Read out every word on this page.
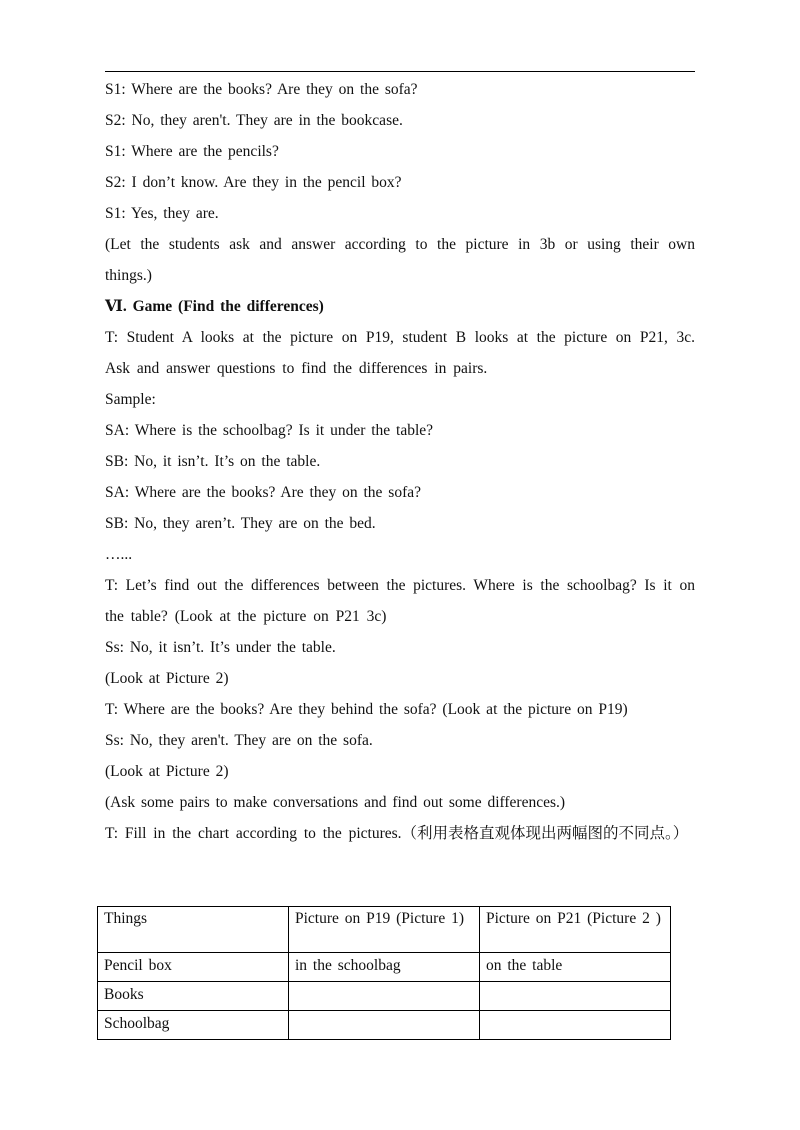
S1: Where are the books? Are they on the sofa?

S2: No, they aren't. They are in the bookcase.

S1: Where are the pencils?

S2: I don’t know. Are they in the pencil box?

S1: Yes, they are.

(Let the students ask and answer according to the picture in 3b or using their own things.)

Ⅵ. Game (Find the differences)

T: Student A looks at the picture on P19, student B looks at the picture on P21, 3c. Ask and answer questions to find the differences in pairs.

Sample:

SA: Where is the schoolbag? Is it under the table?

SB: No, it isn’t. It’s on the table.

SA: Where are the books? Are they on the sofa?

SB: No, they aren’t. They are on the bed.

…...

T: Let’s find out the differences between the pictures. Where is the schoolbag? Is it on the table? (Look at the picture on P21 3c)

Ss: No, it isn’t. It’s under the table.

(Look at Picture 2)

T: Where are the books? Are they behind the sofa? (Look at the picture on P19)

Ss: No, they aren't. They are on the sofa.

(Look at Picture 2)

(Ask some pairs to make conversations and find out some differences.)

T: Fill in the chart according to the pictures.（利用表格直观体现出两幅图的不同点。）

Things	Picture on P19 (Picture 1)	Picture on P21 (Picture 2 )
Pencil box	in the schoolbag	on the table
Books		
Schoolbag		
